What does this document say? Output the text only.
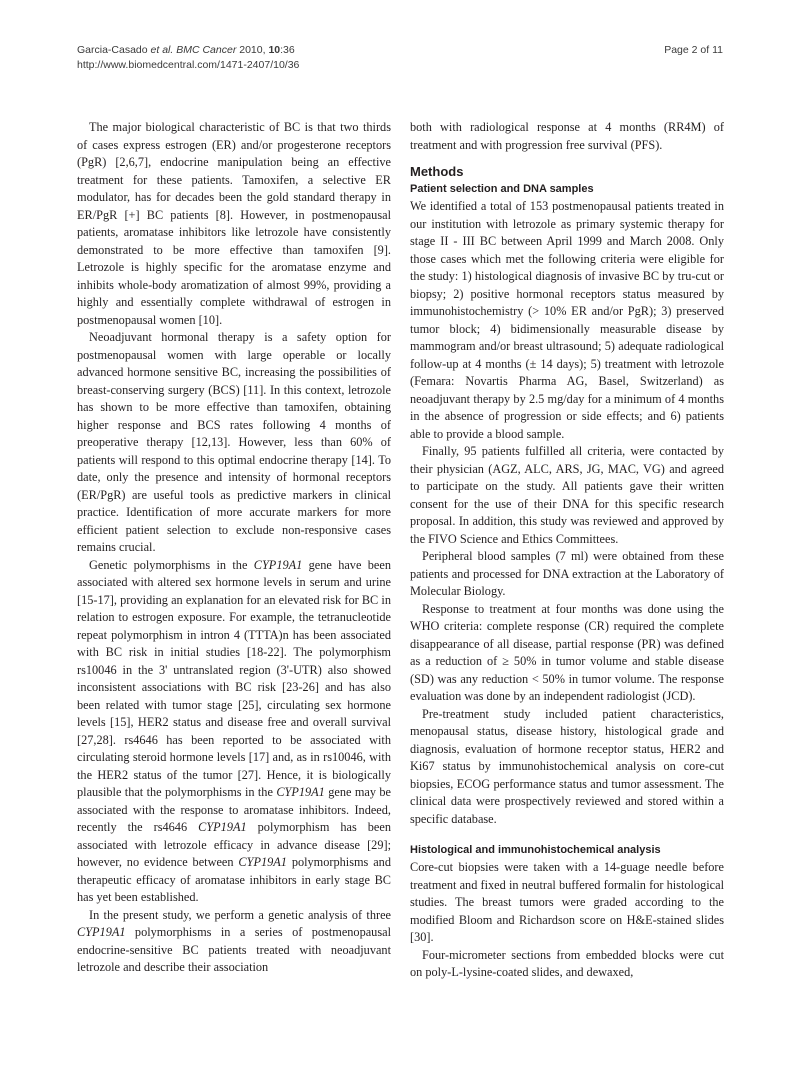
Garcia-Casado et al. BMC Cancer 2010, 10:36
http://www.biomedcentral.com/1471-2407/10/36
Page 2 of 11

The major biological characteristic of BC is that two thirds of cases express estrogen (ER) and/or progesterone receptors (PgR) [2,6,7], endocrine manipulation being an effective treatment for these patients. Tamoxifen, a selective ER modulator, has for decades been the gold standard therapy in ER/PgR [+] BC patients [8]. However, in postmenopausal patients, aromatase inhibitors like letrozole have consistently demonstrated to be more effective than tamoxifen [9]. Letrozole is highly specific for the aromatase enzyme and inhibits whole-body aromatization of almost 99%, providing a highly and essentially complete withdrawal of estrogen in postmenopausal women [10].

Neoadjuvant hormonal therapy is a safety option for postmenopausal women with large operable or locally advanced hormone sensitive BC, increasing the possibilities of breast-conserving surgery (BCS) [11]. In this context, letrozole has shown to be more effective than tamoxifen, obtaining higher response and BCS rates following 4 months of preoperative therapy [12,13]. However, less than 60% of patients will respond to this optimal endocrine therapy [14]. To date, only the presence and intensity of hormonal receptors (ER/PgR) are useful tools as predictive markers in clinical practice. Identification of more accurate markers for more efficient patient selection to exclude non-responsive cases remains crucial.

Genetic polymorphisms in the CYP19A1 gene have been associated with altered sex hormone levels in serum and urine [15-17], providing an explanation for an elevated risk for BC in relation to estrogen exposure. For example, the tetranucleotide repeat polymorphism in intron 4 (TTTA)n has been associated with BC risk in initial studies [18-22]. The polymorphism rs10046 in the 3' untranslated region (3'-UTR) also showed inconsistent associations with BC risk [23-26] and has also been related with tumor stage [25], circulating sex hormone levels [15], HER2 status and disease free and overall survival [27,28]. rs4646 has been reported to be associated with circulating steroid hormone levels [17] and, as in rs10046, with the HER2 status of the tumor [27]. Hence, it is biologically plausible that the polymorphisms in the CYP19A1 gene may be associated with the response to aromatase inhibitors. Indeed, recently the rs4646 CYP19A1 polymorphism has been associated with letrozole efficacy in advance disease [29]; however, no evidence between CYP19A1 polymorphisms and therapeutic efficacy of aromatase inhibitors in early stage BC has yet been established.

In the present study, we perform a genetic analysis of three CYP19A1 polymorphisms in a series of postmenopausal endocrine-sensitive BC patients treated with neoadjuvant letrozole and describe their association

both with radiological response at 4 months (RR4M) of treatment and with progression free survival (PFS).

Methods
Patient selection and DNA samples

We identified a total of 153 postmenopausal patients treated in our institution with letrozole as primary systemic therapy for stage II - III BC between April 1999 and March 2008. Only those cases which met the following criteria were eligible for the study: 1) histological diagnosis of invasive BC by tru-cut or biopsy; 2) positive hormonal receptors status measured by immunohistochemistry (> 10% ER and/or PgR); 3) preserved tumor block; 4) bidimensionally measurable disease by mammogram and/or breast ultrasound; 5) adequate radiological follow-up at 4 months (± 14 days); 5) treatment with letrozole (Femara: Novartis Pharma AG, Basel, Switzerland) as neoadjuvant therapy by 2.5 mg/day for a minimum of 4 months in the absence of progression or side effects; and 6) patients able to provide a blood sample.

Finally, 95 patients fulfilled all criteria, were contacted by their physician (AGZ, ALC, ARS, JG, MAC, VG) and agreed to participate on the study. All patients gave their written consent for the use of their DNA for this specific research proposal. In addition, this study was reviewed and approved by the FIVO Science and Ethics Committees.

Peripheral blood samples (7 ml) were obtained from these patients and processed for DNA extraction at the Laboratory of Molecular Biology.

Response to treatment at four months was done using the WHO criteria: complete response (CR) required the complete disappearance of all disease, partial response (PR) was defined as a reduction of ≥ 50% in tumor volume and stable disease (SD) was any reduction < 50% in tumor volume. The response evaluation was done by an independent radiologist (JCD).

Pre-treatment study included patient characteristics, menopausal status, disease history, histological grade and diagnosis, evaluation of hormone receptor status, HER2 and Ki67 status by immunohistochemical analysis on core-cut biopsies, ECOG performance status and tumor assessment. The clinical data were prospectively reviewed and stored within a specific database.

Histological and immunohistochemical analysis

Core-cut biopsies were taken with a 14-guage needle before treatment and fixed in neutral buffered formalin for histological studies. The breast tumors were graded according to the modified Bloom and Richardson score on H&E-stained slides [30].

Four-micrometer sections from embedded blocks were cut on poly-L-lysine-coated slides, and dewaxed,
